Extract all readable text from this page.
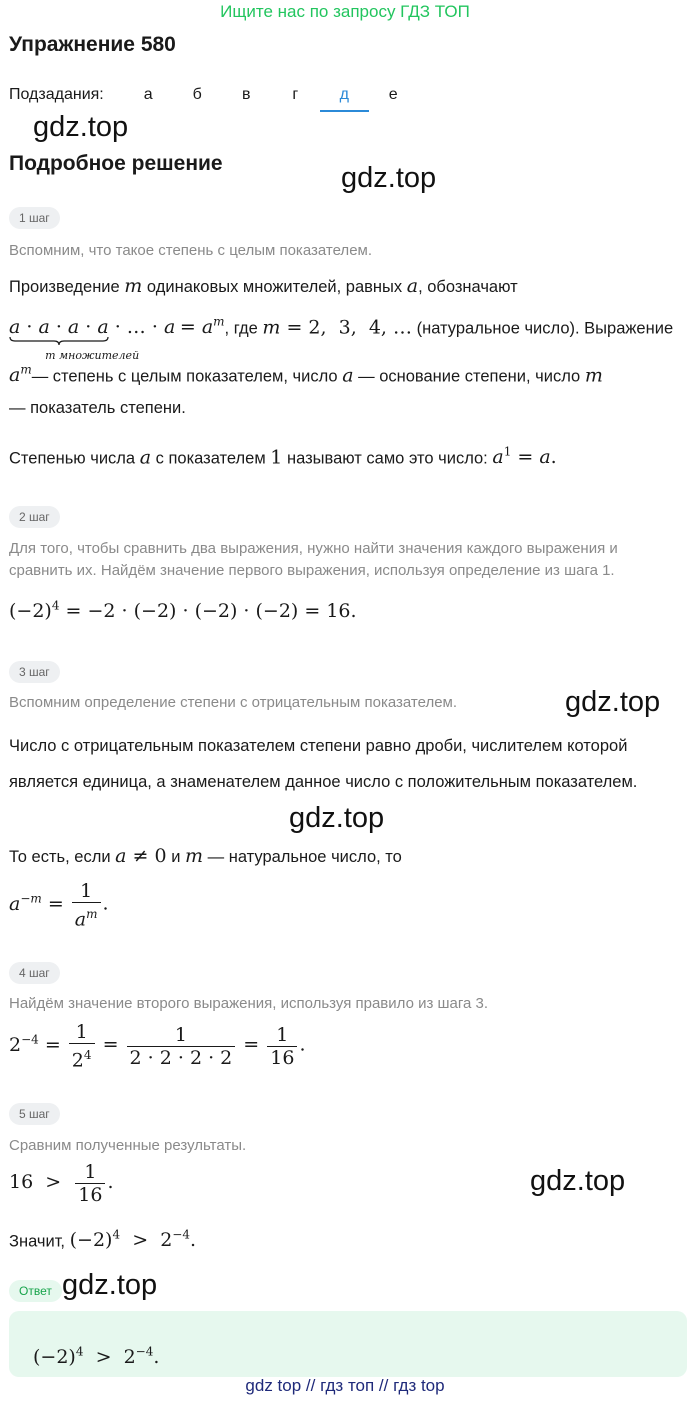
Ищите нас по запросу ГДЗ ТОП
Упражнение 580
Подзадания:	а	б	в	г	д	е
gdz.top
Подробное решение	gdz.top
1 шаг
Вспомним, что такое степень с целым показателем.
Произведение m одинаковых множителей, равных a, обозначают
a · a · a · a · … · a
m множителей
= $a^m$, где m = 2,  3,  4, … (натуральное число). Выражение
$a^m—$ степень с целым показателем, число a — основание степени, число m
— показатель степени.
Степенью числа a с показателем 1 называют само это число: $a^1 = a$.
2 шаг
Для того, чтобы сравнить два выражения, нужно найти значения каждого выражения и сравнить их. Найдём значение первого выражения, используя определение из шага 1.
$(-2)^4 = -2 \cdot (-2) \cdot (-2) \cdot (-2) = 16$.
3 шаг
Вспомним определение степени с отрицательным показателем.	gdz.top
Число с отрицательным показателем степени равно дроби, числителем которой является единица, а знаменателем данное число с положительным показателем.
gdz.top
То есть, если a ≠ 0 и m — натуральное число, то
$a^{-m} = \frac{1}{a^m}$ .
4 шаг
Найдём значение второго выражения, используя правило из шага 3.
$2^{-4} = \frac{1}{2^4} = \frac{1}{2 \cdot 2 \cdot 2 \cdot 2} = \frac{1}{16}$ .
5 шаг
Сравним полученные результаты.
$16 > \frac{1}{16}$ .	gdz.top
Значит, $(-2)^4 > 2^{-4}$.
Ответ gdz.top
$(-2)^4 > 2^{-4}$.
gdz top // гдз топ // гдз top
